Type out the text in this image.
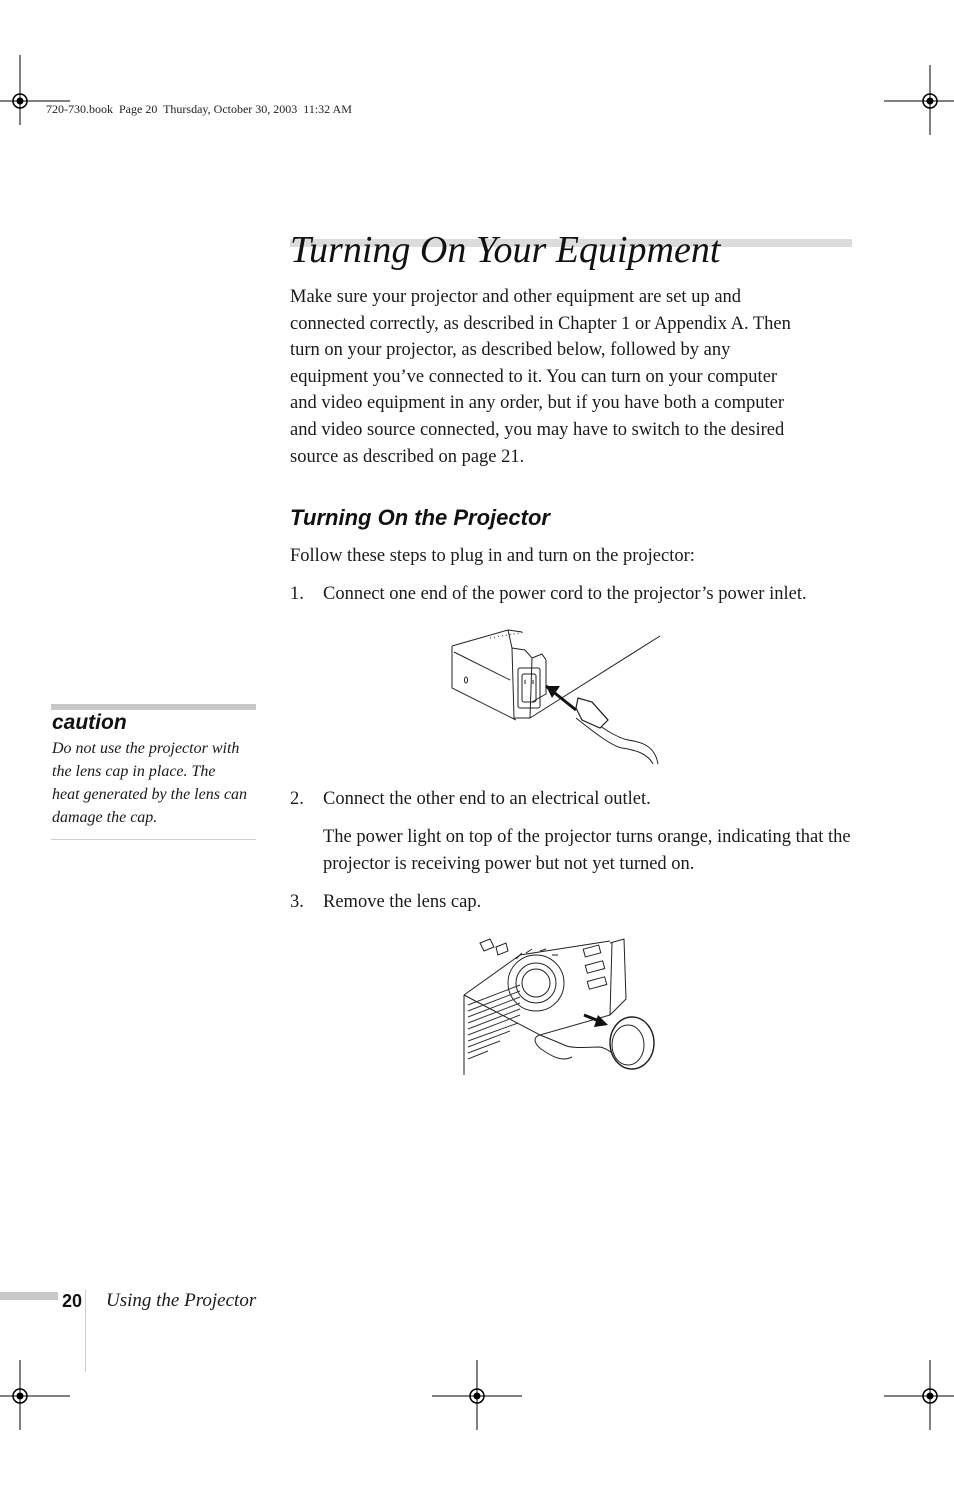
720-730.book  Page 20  Thursday, October 30, 2003  11:32 AM
Turning On Your Equipment
Make sure your projector and other equipment are set up and
connected correctly, as described in Chapter 1 or Appendix A. Then
turn on your projector, as described below, followed by any
equipment you’ve connected to it. You can turn on your computer
and video equipment in any order, but if you have both a computer
and video source connected, you may have to switch to the desired
source as described on page 21.
Turning On the Projector
Follow these steps to plug in and turn on the projector:
1. Connect one end of the power cord to the projector’s power inlet.
caution
Do not use the projector with
the lens cap in place. The
heat generated by the lens can
damage the cap.
2. Connect the other end to an electrical outlet.
The power light on top of the projector turns orange, indicating that the projector is receiving power but not yet turned on.
3. Remove the lens cap.
20 Using the Projector
